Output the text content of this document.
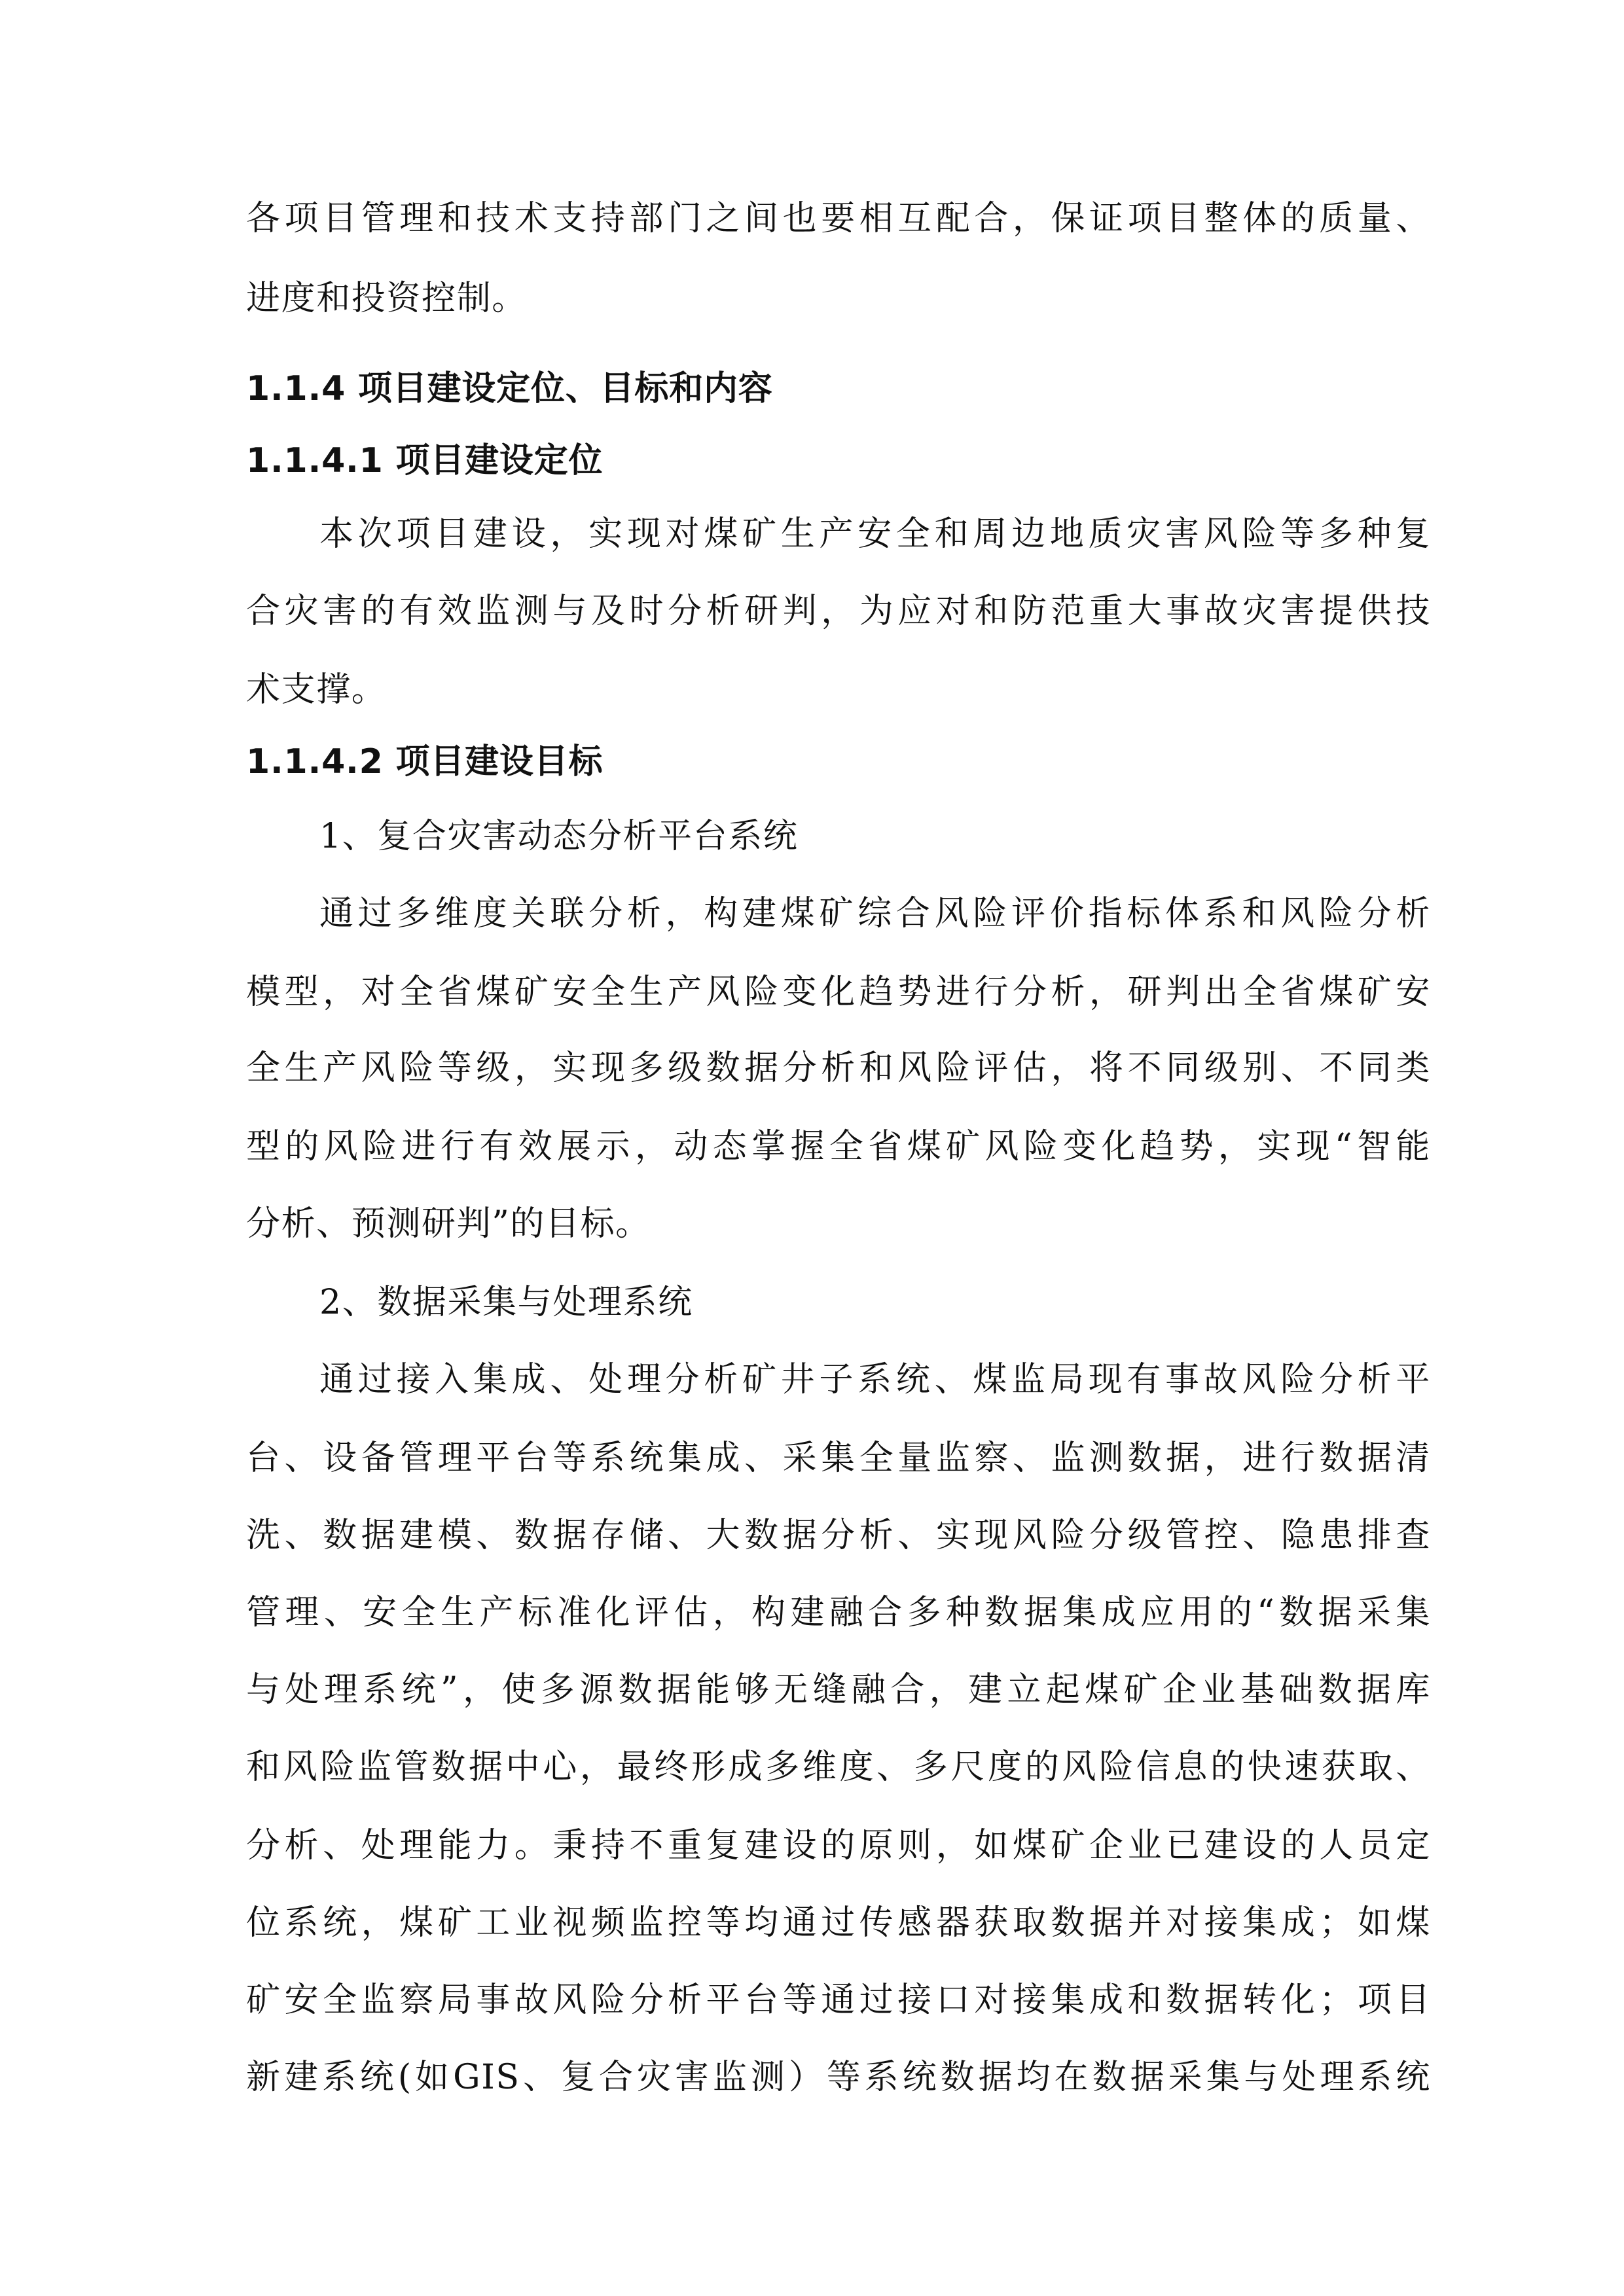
各项目管理和技术支持部门之间也要相互配合，保证项目整体的质量、
进度和投资控制。
1.1.4 项目建设定位、目标和内容
1.1.4.1 项目建设定位
本次项目建设，实现对煤矿生产安全和周边地质灾害风险等多种复
合灾害的有效监测与及时分析研判，为应对和防范重大事故灾害提供技
术支撑。
1.1.4.2 项目建设目标
1、复合灾害动态分析平台系统
通过多维度关联分析，构建煤矿综合风险评价指标体系和风险分析
模型，对全省煤矿安全生产风险变化趋势进行分析，研判出全省煤矿安
全生产风险等级，实现多级数据分析和风险评估，将不同级别、不同类
型的风险进行有效展示，动态掌握全省煤矿风险变化趋势，实现“智能
分析、预测研判”的目标。
2、数据采集与处理系统
通过接入集成、处理分析矿井子系统、煤监局现有事故风险分析平
台、设备管理平台等系统集成、采集全量监察、监测数据，进行数据清
洗、数据建模、数据存储、大数据分析、实现风险分级管控、隐患排查
管理、安全生产标准化评估，构建融合多种数据集成应用的“数据采集
与处理系统”，使多源数据能够无缝融合，建立起煤矿企业基础数据库
和风险监管数据中心，最终形成多维度、多尺度的风险信息的快速获取、
分析、处理能力。秉持不重复建设的原则，如煤矿企业已建设的人员定
位系统，煤矿工业视频监控等均通过传感器获取数据并对接集成；如煤
矿安全监察局事故风险分析平台等通过接口对接集成和数据转化；项目
新建系统(如GIS、复合灾害监测）等系统数据均在数据采集与处理系统
